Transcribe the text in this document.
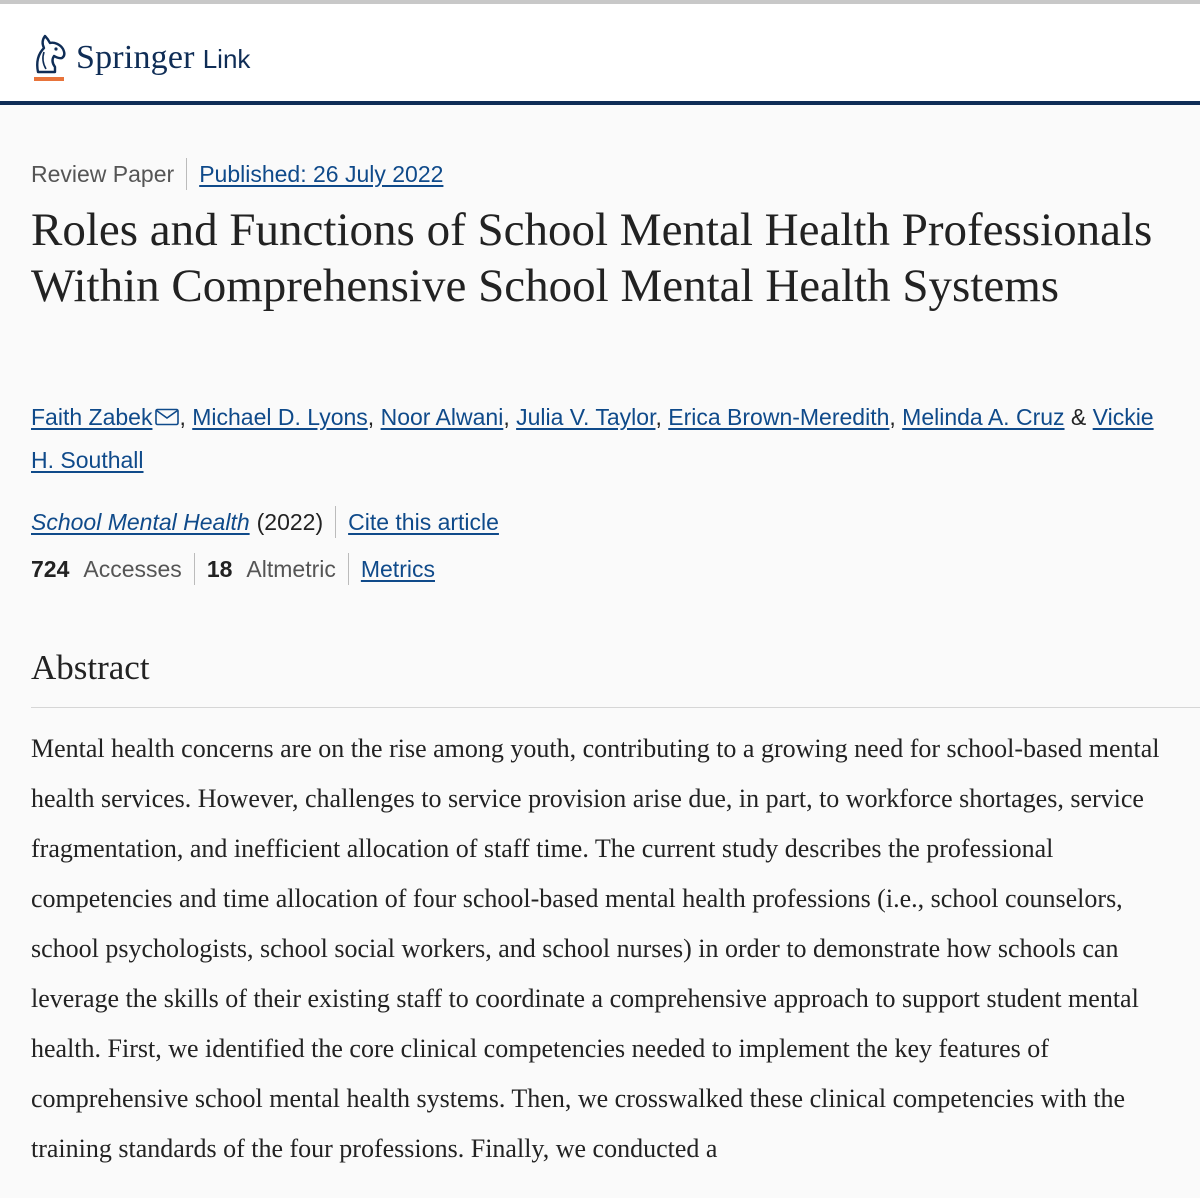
Springer Link
Review Paper Published: 26 July 2022
Roles and Functions of School Mental Health Professionals Within Comprehensive School Mental Health Systems
Faith Zabek , Michael D. Lyons, Noor Alwani, Julia V. Taylor, Erica Brown-Meredith, Melinda A. Cruz & Vickie H. Southall
School Mental Health (2022) Cite this article
724 Accesses 18 Altmetric Metrics
Abstract

Mental health concerns are on the rise among youth, contributing to a growing need for school-based mental health services. However, challenges to service provision arise due, in part, to workforce shortages, service fragmentation, and inefficient allocation of staff time. The current study describes the professional competencies and time allocation of four school-based mental health professions (i.e., school counselors, school psychologists, school social workers, and school nurses) in order to demonstrate how schools can leverage the skills of their existing staff to coordinate a comprehensive approach to support student mental health. First, we identified the core clinical competencies needed to implement the key features of comprehensive school mental health systems. Then, we crosswalked these clinical competencies with the training standards of the four professions. Finally, we conducted a
